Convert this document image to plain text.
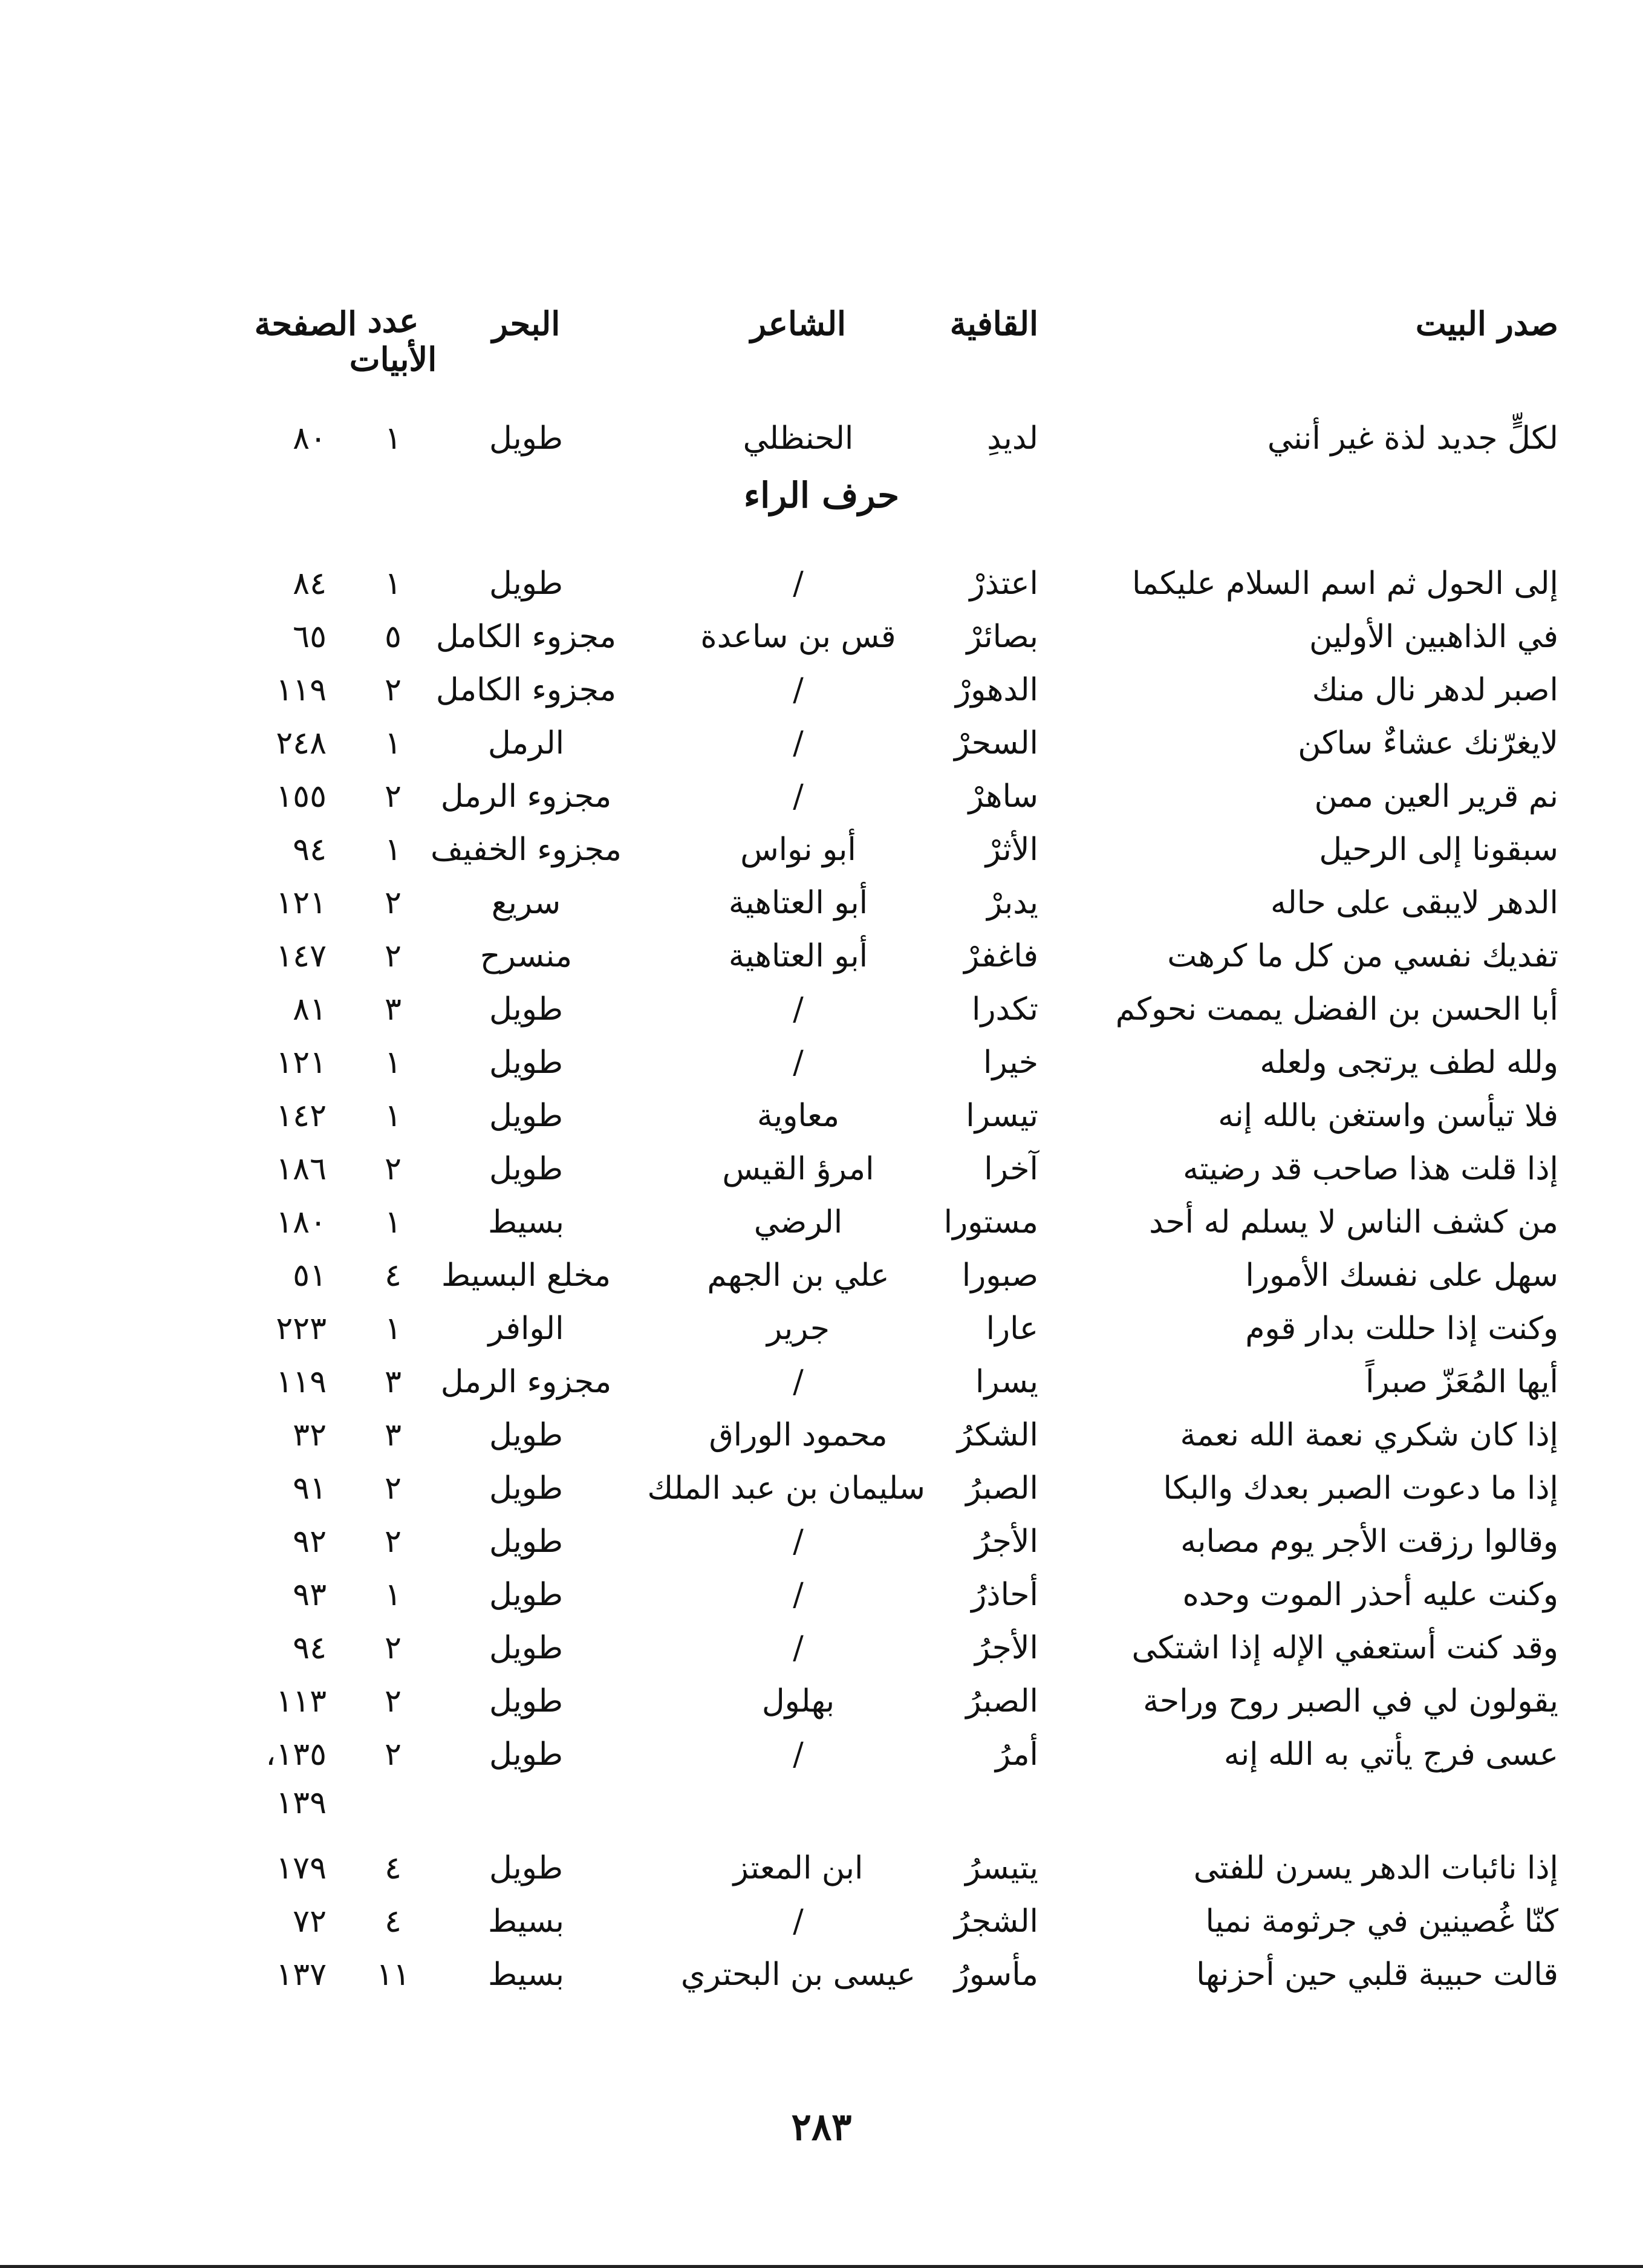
صدر البيت
القافية
الشاعر
البحر
عدد الأبيات
الصفحة
لكلٍّ جديد لذة غير أنني
لديدِ
الحنظلي
طويل
١
٨٠
حرف الراء
إلى الحول ثم اسم السلام عليكما
اعتذرْ
/
طويل
١
٨٤
في الذاهبين الأولين
بصائرْ
قس بن ساعدة
مجزوء الكامل
٥
٦٥
اصبر لدهر نال منك
الدهورْ
/
مجزوء الكامل
٢
١١٩
لايغرّنك عشاءٌ ساكن
السحرْ
/
الرمل
١
٢٤٨
نم قرير العين ممن
ساهرْ
/
مجزوء الرمل
٢
١٥٥
سبقونا إلى الرحيل
الأثرْ
أبو نواس
مجزوء الخفيف
١
٩٤
الدهر لايبقى على حاله
يدبرْ
أبو العتاهية
سريع
٢
١٢١
تفديك نفسي من كل ما كرهت
فاغفرْ
أبو العتاهية
منسرح
٢
١٤٧
أبا الحسن بن الفضل يممت نحوكم
تكدرا
/
طويل
٣
٨١
ولله لطف يرتجى ولعله
خيرا
/
طويل
١
١٢١
فلا تيأسن واستغن بالله إنه
تيسرا
معاوية
طويل
١
١٤٢
إذا قلت هذا صاحب قد رضيته
آخرا
امرؤ القيس
طويل
٢
١٨٦
من كشف الناس لا يسلم له أحد
مستورا
الرضي
بسيط
١
١٨٠
سهل على نفسك الأمورا
صبورا
علي بن الجهم
مخلع البسيط
٤
٥١
وكنت إذا حللت بدار قوم
عارا
جرير
الوافر
١
٢٢٣
أيها المُعَزّ صبراً
يسرا
/
مجزوء الرمل
٣
١١٩
إذا كان شكري نعمة الله نعمة
الشكرُ
محمود الوراق
طويل
٣
٣٢
إذا ما دعوت الصبر بعدك والبكا
الصبرُ
سليمان بن عبد الملك
طويل
٢
٩١
وقالوا رزقت الأجر يوم مصابه
الأجرُ
/
طويل
٢
٩٢
وكنت عليه أحذر الموت وحده
أحاذرُ
/
طويل
١
٩٣
وقد كنت أستعفي الإله إذا اشتكى
الأجرُ
/
طويل
٢
٩٤
يقولون لي في الصبر روح وراحة
الصبرُ
بهلول
طويل
٢
١١٣
عسى فرج يأتي به الله إنه
أمرُ
/
طويل
٢
١٣٥،
١٣٩
إذا نائبات الدهر يسرن للفتى
يتيسرُ
ابن المعتز
طويل
٤
١٧٩
كنّا غُصينين في جرثومة نميا
الشجرُ
/
بسيط
٤
٧٢
قالت حبيبة قلبي حين أحزنها
مأسورُ
عيسى بن البحتري
بسيط
١١
١٣٧
٢٨٣
